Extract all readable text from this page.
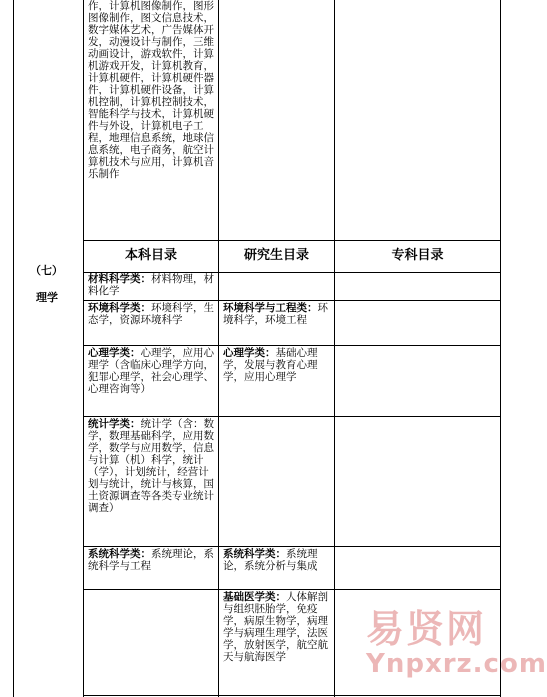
作，计算机图像制作，图形图像制作，图文信息技术，数字媒体艺术，广告媒体开发，动漫设计与制作，三维动画设计，游戏软件，计算机游戏开发，计算机教育，计算机硬件，计算机硬件器件，计算机硬件设备，计算机控制，计算机控制技术，智能科学与技术，计算机硬件与外设，计算机电子工程，地理信息系统，地球信息系统，电子商务，航空计算机技术与应用，计算机音乐制作
（七）
理学
本科目录	研究生目录	专科目录
材料科学类：材料物理，材料化学
环境科学类：环境科学，生态学，资源环境科学
环境科学与工程类：环境科学，环境工程
心理学类：心理学，应用心理学（含临床心理学方向，犯罪心理学，社会心理学、心理咨询等）
心理学类：基础心理学，发展与教育心理学，应用心理学
统计学类：统计学（含：数学，数理基础科学，应用数学，数学与应用数学，信息与计算（机）科学，统计（学），计划统计，经营计划与统计，统计与核算，国土资源调查等各类专业统计调查）
系统科学类：系统理论，系统科学与工程
系统科学类：系统理论，系统分析与集成
基础医学类：人体解剖与组织胚胎学，免疫学，病原生物学，病理学与病理生理学，法医学，放射医学，航空航天与航海医学
易贤网
Ynpxrz.com
